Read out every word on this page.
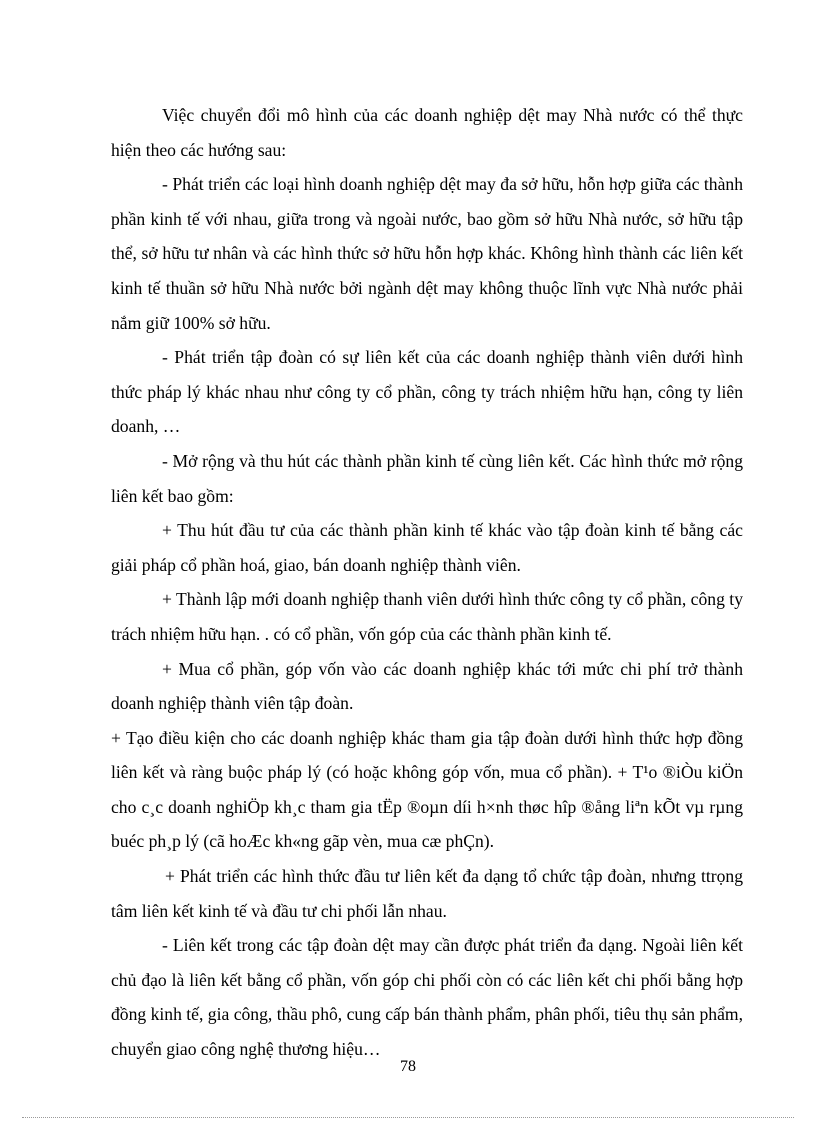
Việc chuyển đổi mô hình của các doanh nghiệp dệt may Nhà nước có thể thực hiện theo các hướng sau:

- Phát triển các loại hình doanh nghiệp dệt may đa sở hữu, hỗn hợp giữa các thành phần kinh tế với nhau, giữa trong và ngoài nước, bao gồm sở hữu Nhà nước, sở hữu tập thể, sở hữu tư nhân và các hình thức sở hữu hỗn hợp khác. Không hình thành các liên kết kinh tế thuần sở hữu Nhà nước bởi ngành dệt may không thuộc lĩnh vực Nhà nước phải nắm giữ 100% sở hữu.

- Phát triển tập đoàn có sự liên kết của các doanh nghiệp thành viên dưới hình thức pháp lý khác nhau như công ty cổ phần, công ty trách nhiệm hữu hạn, công ty liên doanh, …

- Mở rộng và thu hút các thành phần kinh tế cùng liên kết. Các hình thức mở rộng liên kết bao gồm:

+ Thu hút đầu tư của các thành phần kinh tế khác vào tập đoàn kinh tế bằng các giải pháp cổ phần hoá, giao, bán doanh nghiệp thành viên.

+ Thành lập mới doanh nghiệp thanh viên dưới hình thức công ty cổ phần, công ty trách nhiệm hữu hạn. . có cổ phần, vốn góp của các thành phần kinh tế.

+ Mua cổ phần, góp vốn vào các doanh nghiệp khác tới mức chi phí trở thành doanh nghiệp thành viên tập đoàn.

+ Tạo điều kiện cho các doanh nghiệp khác tham gia tập đoàn dưới hình thức hợp đồng liên kết và ràng buộc pháp lý (có hoặc không góp vốn, mua cổ phần). + T¹o ®iÒu kiÖn cho c¸c doanh nghiÖp kh¸c tham gia tËp ®oµn díi h×nh thøc hîp ®ång liªn kÕt vµ rµng buéc ph¸p lý (cã hoÆc kh«ng gãp vèn, mua cæ phÇn).

+ Phát triển các hình thức đầu tư liên kết đa dạng tổ chức tập đoàn, nhưng ttrọng tâm liên kết kinh tế và đầu tư chi phối lẫn nhau.

- Liên kết trong các tập đoàn dệt may cần được phát triển đa dạng. Ngoài liên kết chủ đạo là liên kết bằng cổ phần, vốn góp chi phối còn có các liên kết chi phối bằng hợp đồng kinh tế, gia công, thầu phô, cung cấp bán thành phẩm, phân phối, tiêu thụ sản phẩm, chuyển giao công nghệ thương hiệu…

78
